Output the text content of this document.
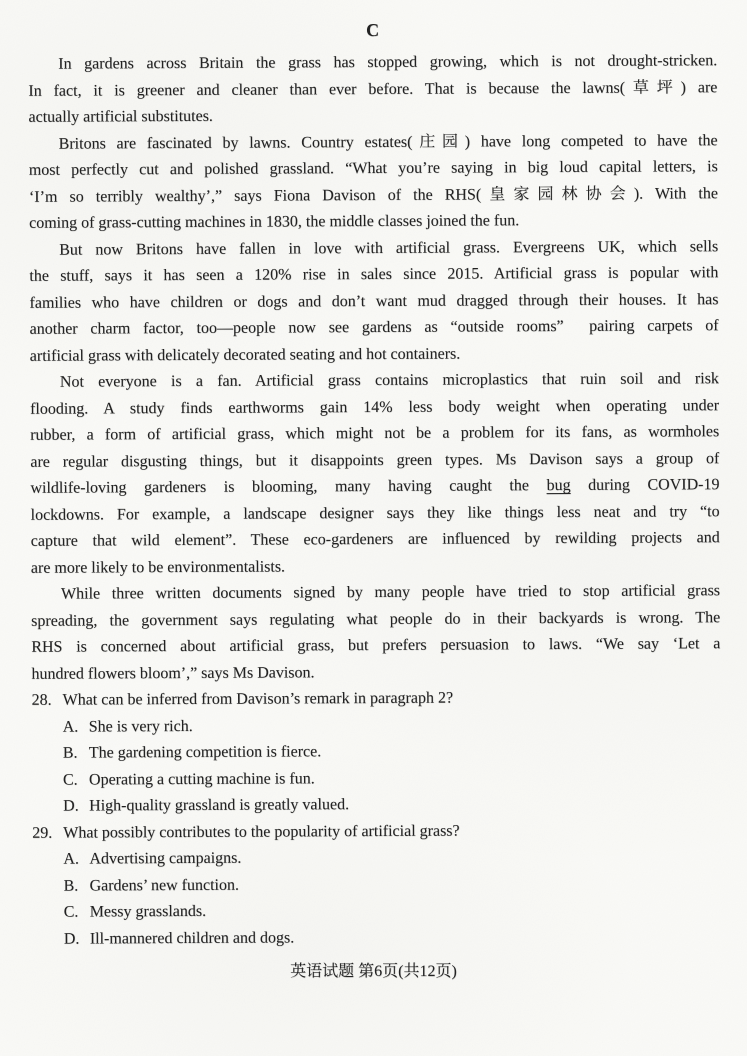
C
In gardens across Britain the grass has stopped growing, which is not drought-stricken.
In fact, it is greener and cleaner than ever before. That is because the lawns(草坪) are
actually artificial substitutes.
Britons are fascinated by lawns. Country estates(庄园) have long competed to have the
most perfectly cut and polished grassland. “What you’re saying in big loud capital letters, is
‘I’m so terribly wealthy’,” says Fiona Davison of the RHS(皇家园林协会). With the
coming of grass-cutting machines in 1830, the middle classes joined the fun.
But now Britons have fallen in love with artificial grass. Evergreens UK, which sells
the stuff, says it has seen a 120% rise in sales since 2015. Artificial grass is popular with
families who have children or dogs and don’t want mud dragged through their houses. It has
another charm factor, too—people now see gardens as “outside rooms”  pairing carpets of
artificial grass with delicately decorated seating and hot containers.
Not everyone is a fan. Artificial grass contains microplastics that ruin soil and risk
flooding. A study finds earthworms gain 14% less body weight when operating under
rubber, a form of artificial grass, which might not be a problem for its fans, as wormholes
are regular disgusting things, but it disappoints green types. Ms Davison says a group of
wildlife-loving gardeners is blooming, many having caught the bug during COVID-19
lockdowns. For example, a landscape designer says they like things less neat and try “to
capture that wild element”. These eco-gardeners are influenced by rewilding projects and
are more likely to be environmentalists.
While three written documents signed by many people have tried to stop artificial grass
spreading, the government says regulating what people do in their backyards is wrong. The
RHS is concerned about artificial grass, but prefers persuasion to laws. “We say ‘Let a
hundred flowers bloom’,” says Ms Davison.
28. What can be inferred from Davison’s remark in paragraph 2?
A. She is very rich.
B. The gardening competition is fierce.
C. Operating a cutting machine is fun.
D. High-quality grassland is greatly valued.
29. What possibly contributes to the popularity of artificial grass?
A. Advertising campaigns.
B. Gardens’ new function.
C. Messy grasslands.
D. Ill-mannered children and dogs.
英语试题 第6页(共12页)
